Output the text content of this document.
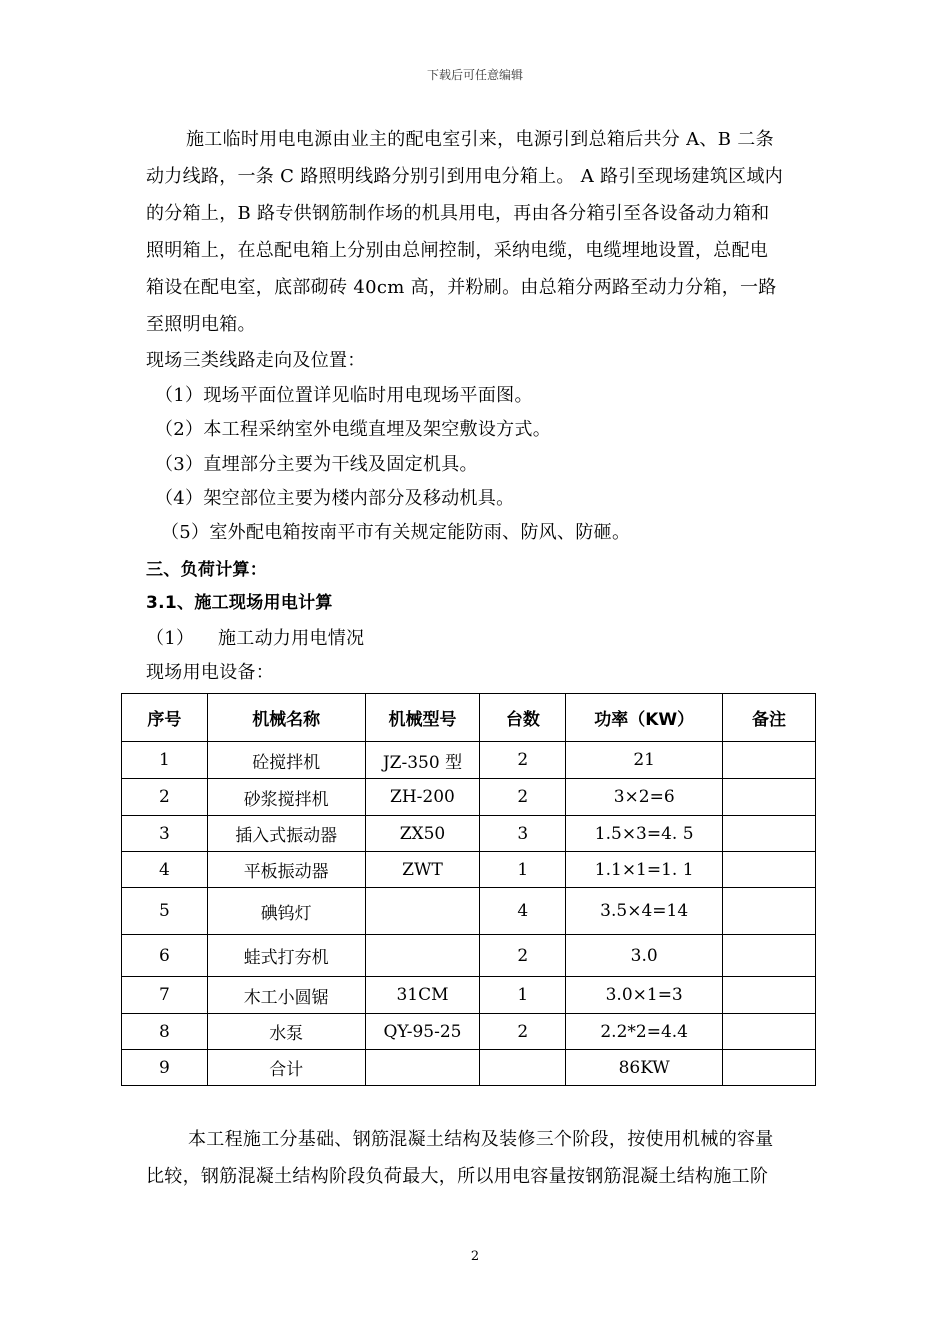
下载后可任意编辑
施工临时用电电源由业主的配电室引来，电源引到总箱后共分 A、B 二条
动力线路，一条 C 路照明线路分别引到用电分箱上。 A 路引至现场建筑区域内
的分箱上，B 路专供钢筋制作场的机具用电，再由各分箱引至各设备动力箱和
照明箱上，在总配电箱上分别由总闸控制，采纳电缆，电缆埋地设置，总配电
箱设在配电室，底部砌砖 40cm 高，并粉刷。由总箱分两路至动力分箱，一路
至照明电箱。
现场三类线路走向及位置：
（1）现场平面位置详见临时用电现场平面图。
（2）本工程采纳室外电缆直埋及架空敷设方式。
（3）直埋部分主要为干线及固定机具。
（4）架空部位主要为楼内部分及移动机具。
（5）室外配电箱按南平市有关规定能防雨、防风、防砸。
三、负荷计算：
3.1、施工现场用电计算
（1） 施工动力用电情况
现场用电设备：
序号	机械名称	机械型号	台数	功率（KW）	备注
1	砼搅拌机	JZ-350 型	2	21	
2	砂浆搅拌机	ZH-200	2	3×2=6	
3	插入式振动器	ZX50	3	1.5×3=4. 5	
4	平板振动器	ZWT	1	1.1×1=1. 1	
5	碘钨灯		4	3.5×4=14	
6	蛙式打夯机		2	3.0	
7	木工小圆锯	31CM	1	3.0×1=3	
8	水泵	QY-95-25	2	2.2*2=4.4	
9	合计			86KW	
本工程施工分基础、钢筋混凝土结构及装修三个阶段，按使用机械的容量
比较，钢筋混凝土结构阶段负荷最大，所以用电容量按钢筋混凝土结构施工阶
2
